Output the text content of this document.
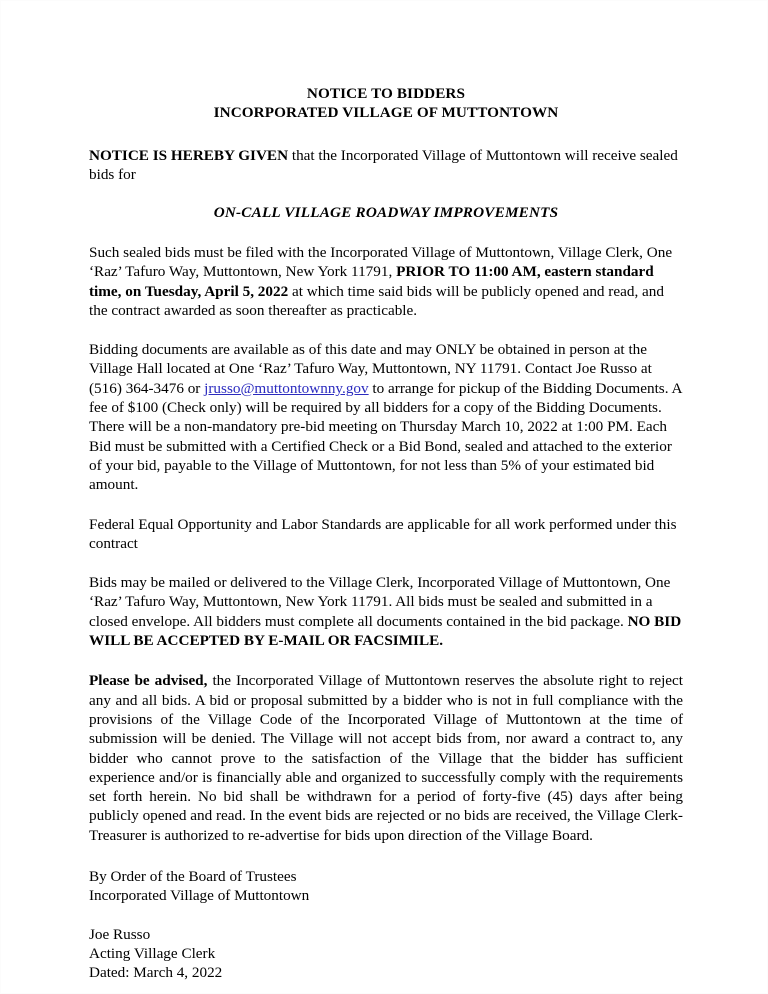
NOTICE TO BIDDERS
INCORPORATED VILLAGE OF MUTTONTOWN

NOTICE IS HEREBY GIVEN that the Incorporated Village of Muttontown will receive sealed bids for

ON-CALL VILLAGE ROADWAY IMPROVEMENTS

Such sealed bids must be filed with the Incorporated Village of Muttontown, Village Clerk, One ‘Raz’ Tafuro Way, Muttontown, New York 11791, PRIOR TO 11:00 AM, eastern standard time, on Tuesday, April 5, 2022 at which time said bids will be publicly opened and read, and the contract awarded as soon thereafter as practicable.

Bidding documents are available as of this date and may ONLY be obtained in person at the Village Hall located at One ‘Raz’ Tafuro Way, Muttontown, NY 11791. Contact Joe Russo at (516) 364-3476 or jrusso@muttontownny.gov to arrange for pickup of the Bidding Documents. A fee of $100 (Check only) will be required by all bidders for a copy of the Bidding Documents. There will be a non-mandatory pre-bid meeting on Thursday March 10, 2022 at 1:00 PM. Each Bid must be submitted with a Certified Check or a Bid Bond, sealed and attached to the exterior of your bid, payable to the Village of Muttontown, for not less than 5% of your estimated bid amount.

Federal Equal Opportunity and Labor Standards are applicable for all work performed under this contract

Bids may be mailed or delivered to the Village Clerk, Incorporated Village of Muttontown, One ‘Raz’ Tafuro Way, Muttontown, New York 11791. All bids must be sealed and submitted in a closed envelope. All bidders must complete all documents contained in the bid package. NO BID WILL BE ACCEPTED BY E-MAIL OR FACSIMILE.

Please be advised, the Incorporated Village of Muttontown reserves the absolute right to reject any and all bids. A bid or proposal submitted by a bidder who is not in full compliance with the provisions of the Village Code of the Incorporated Village of Muttontown at the time of submission will be denied. The Village will not accept bids from, nor award a contract to, any bidder who cannot prove to the satisfaction of the Village that the bidder has sufficient experience and/or is financially able and organized to successfully comply with the requirements set forth herein. No bid shall be withdrawn for a period of forty-five (45) days after being publicly opened and read. In the event bids are rejected or no bids are received, the Village Clerk-Treasurer is authorized to re-advertise for bids upon direction of the Village Board.

By Order of the Board of Trustees
Incorporated Village of Muttontown
Joe Russo
Acting Village Clerk
Dated: March 4, 2022
